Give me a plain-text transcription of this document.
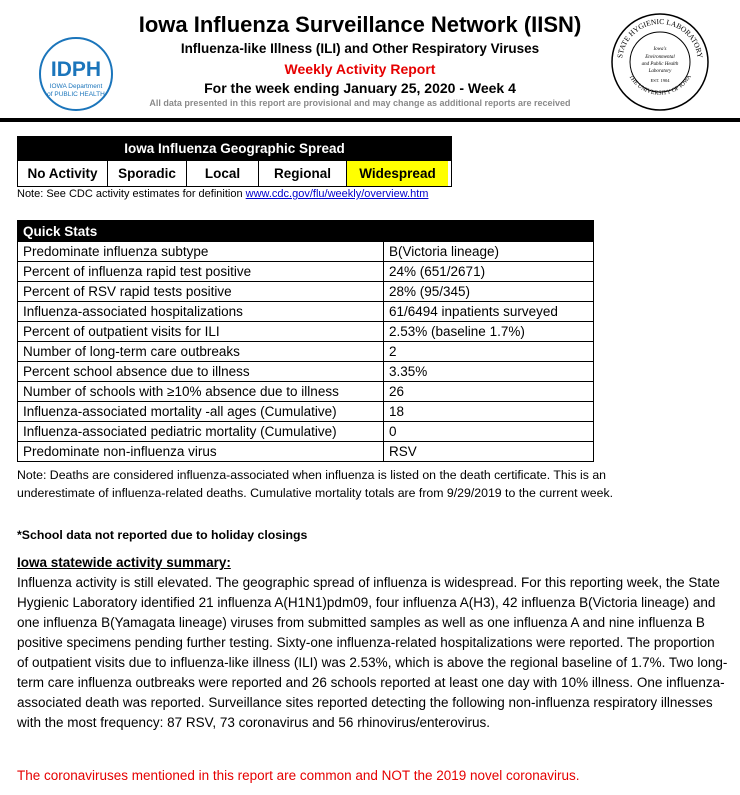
IDPH
IOWA Department
of PUBLIC HEALTH
STATE HYGIENIC LABORATORY
THE UNIVERSITY OF IOWA
Iowa's
Environmental
and Public Health
Laboratory
EST. 1904
Iowa Influenza Surveillance Network (IISN)
Influenza-like Illness (ILI) and Other Respiratory Viruses
Weekly Activity Report
For the week ending January 25, 2020 - Week 4
All data presented in this report are provisional and may change as additional reports are received
Iowa Influenza Geographic Spread
No Activity	Sporadic	Local	Regional	Widespread
Note: See CDC activity estimates for definition www.cdc.gov/flu/weekly/overview.htm
Quick Stats	
Predominate influenza subtype	B(Victoria lineage)
Percent of influenza rapid test positive	24% (651/2671)
Percent of RSV rapid tests positive	28% (95/345)
Influenza-associated hospitalizations	61/6494 inpatients surveyed
Percent of outpatient visits for ILI	2.53% (baseline 1.7%)
Number of long-term care outbreaks	2
Percent school absence due to illness	3.35%
Number of schools with ≥10% absence due to illness	26
Influenza-associated mortality -all ages (Cumulative)	18
Influenza-associated pediatric mortality (Cumulative)	0
Predominate non-influenza virus	RSV
Note: Deaths are considered influenza-associated when influenza is listed on the death certificate. This is an underestimate of influenza-related deaths. Cumulative mortality totals are from 9/29/2019 to the current week.
*School data not reported due to holiday closings
Iowa statewide activity summary:
Influenza activity is still elevated. The geographic spread of influenza is widespread. For this reporting week, the State Hygienic Laboratory identified 21 influenza A(H1N1)pdm09, four influenza A(H3), 42 influenza B(Victoria lineage) and one influenza B(Yamagata lineage) viruses from submitted samples as well as one influenza A and nine influenza B positive specimens pending further testing. Sixty-one influenza-related hospitalizations were reported. The proportion of outpatient visits due to influenza-like illness (ILI) was 2.53%, which is above the regional baseline of 1.7%. Two long-term care influenza outbreaks were reported and 26 schools reported at least one day with 10% illness. One influenza-associated death was reported. Surveillance sites reported detecting the following non-influenza respiratory illnesses with the most frequency: 87 RSV, 73 coronavirus and 56 rhinovirus/enterovirus.
The coronaviruses mentioned in this report are common and NOT the 2019 novel coronavirus.
